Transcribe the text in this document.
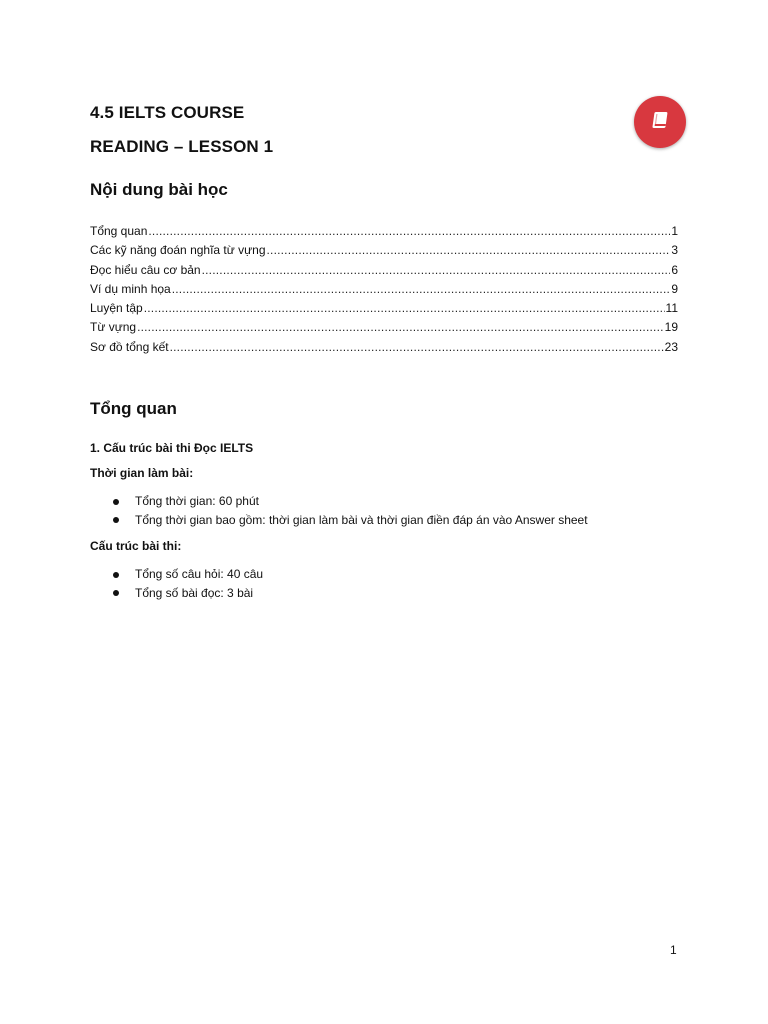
4.5 IELTS COURSE
READING – LESSON 1
Nội dung bài học
Tổng quan .....	1
Các kỹ năng đoán nghĩa từ vựng .....	3
Đọc hiểu câu cơ bản .....	6
Ví dụ minh họa .....	9
Luyện tập .....	11
Từ vựng .....	19
Sơ đồ tổng kết .....	23
Tổng quan
1. Cấu trúc bài thi Đọc IELTS
Thời gian làm bài:
Tổng thời gian: 60 phút
Tổng thời gian bao gồm: thời gian làm bài và thời gian điền đáp án vào Answer sheet
Cấu trúc bài thi:
Tổng số câu hỏi: 40 câu
Tổng số bài đọc: 3 bài
1
